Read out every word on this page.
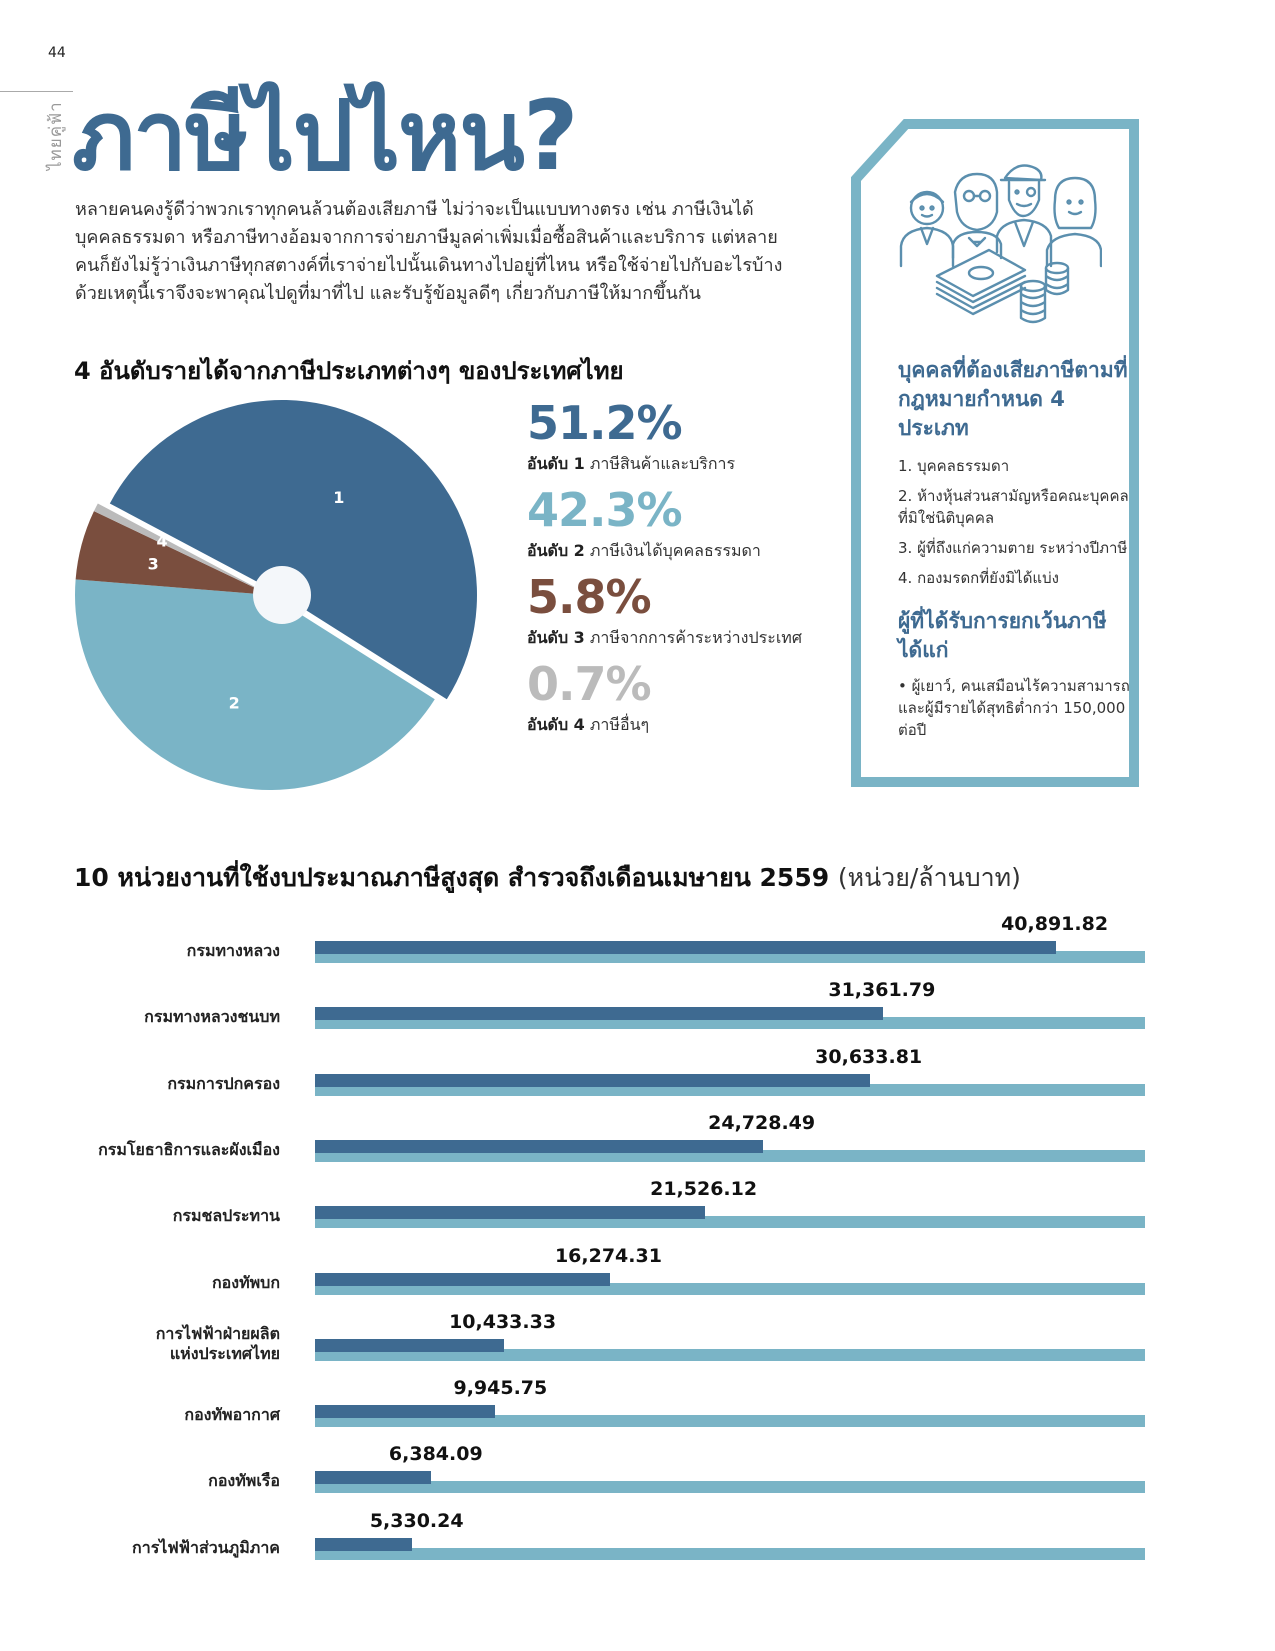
44
ไทยคู่ฟ้า ภาษีไปไหน?

หลายคนคงรู้ดีว่าพวกเราทุกคนล้วนต้องเสียภาษี ไม่ว่าจะเป็นแบบทางตรง เช่น ภาษีเงินได้บุคคลธรรมดา หรือภาษีทางอ้อมจากการจ่ายภาษีมูลค่าเพิ่มเมื่อซื้อสินค้าและบริการ แต่หลายคนก็ยังไม่รู้ว่าเงินภาษีทุกสตางค์ที่เราจ่ายไปนั้นเดินทางไปอยู่ที่ไหน หรือใช้จ่ายไปกับอะไรบ้าง ด้วยเหตุนี้เราจึงจะพาคุณไปดูที่มาที่ไป และรับรู้ข้อมูลดีๆ เกี่ยวกับภาษีให้มากขึ้นกัน

4 อันดับรายได้จากภาษีประเภทต่างๆ ของประเทศไทย
1
2
3
4
51.2%
อันดับ 1 ภาษีสินค้าและบริการ
42.3%
อันดับ 2 ภาษีเงินได้บุคคลธรรมดา
5.8%
อันดับ 3 ภาษีจากการค้าระหว่างประเทศ
0.7%
อันดับ 4 ภาษีอื่นๆ
บุคคลที่ต้องเสียภาษีตามที่กฎหมายกำหนด 4 ประเภท
1. บุคคลธรรมดา
2. ห้างหุ้นส่วนสามัญหรือคณะบุคคลที่มิใช่นิติบุคคล
3. ผู้ที่ถึงแก่ความตาย ระหว่างปีภาษี
4. กองมรดกที่ยังมิได้แบ่ง
ผู้ที่ได้รับการยกเว้นภาษีได้แก่

• ผู้เยาว์, คนเสมือนไร้ความสามารถ และผู้มีรายได้สุทธิต่ำกว่า 150,000 ต่อปี

10 หน่วยงานที่ใช้งบประมาณภาษีสูงสุด สำรวจถึงเดือนเมษายน 2559 (หน่วย/ล้านบาท)
กรมทางหลวง
40,891.82
กรมทางหลวงชนบท
31,361.79
กรมการปกครอง
30,633.81
กรมโยธาธิการและผังเมือง
24,728.49
กรมชลประทาน
21,526.12
กองทัพบก
16,274.31
การไฟฟ้าฝ่ายผลิต
แห่งประเทศไทย
10,433.33
กองทัพอากาศ
9,945.75
กองทัพเรือ
6,384.09
การไฟฟ้าส่วนภูมิภาค
5,330.24
